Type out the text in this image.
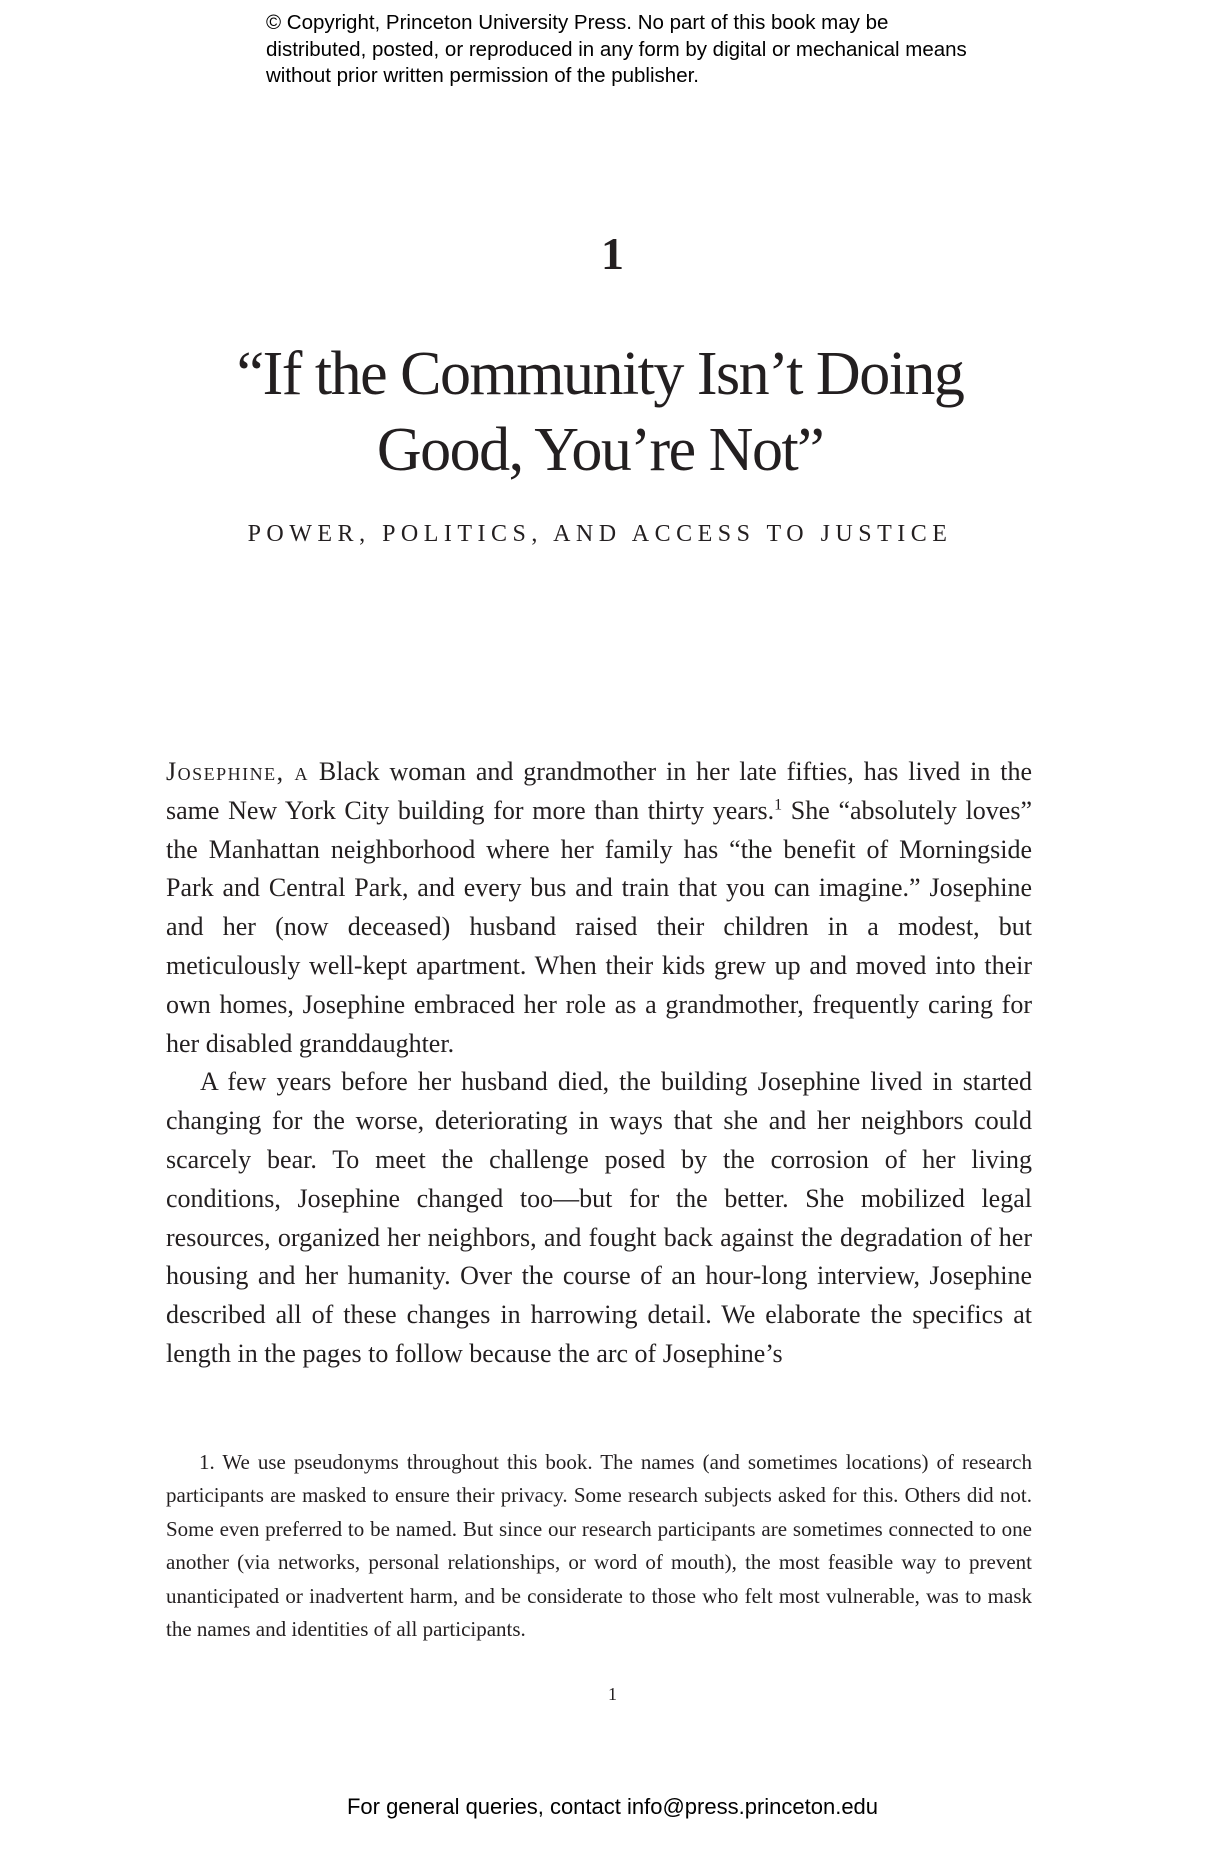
© Copyright, Princeton University Press. No part of this book may be distributed, posted, or reproduced in any form by digital or mechanical means without prior written permission of the publisher.
1
“If the Community Isn’t Doing
Good, You’re Not”
POWER, POLITICS, AND ACCESS TO JUSTICE

Josephine, a Black woman and grandmother in her late fifties, has lived in the same New York City building for more than thirty years.$^1$ She “absolutely loves” the Manhattan neighborhood where her family has “the benefit of Morningside Park and Central Park, and every bus and train that you can imagine.” Josephine and her (now deceased) husband raised their children in a modest, but meticulously well-kept apartment. When their kids grew up and moved into their own homes, Josephine embraced her role as a grandmother, frequently caring for her disabled granddaughter.

A few years before her husband died, the building Josephine lived in started changing for the worse, deteriorating in ways that she and her neighbors could scarcely bear. To meet the challenge posed by the corrosion of her living conditions, Josephine changed too—but for the better. She mobilized legal resources, organized her neighbors, and fought back against the degradation of her housing and her humanity. Over the course of an hour-long interview, Josephine described all of these changes in harrowing detail. We elaborate the specifics at length in the pages to follow because the arc of Josephine’s

1. We use pseudonyms throughout this book. The names (and sometimes locations) of research participants are masked to ensure their privacy. Some research subjects asked for this. Others did not. Some even preferred to be named. But since our research participants are sometimes connected to one another (via networks, personal relationships, or word of mouth), the most feasible way to prevent unanticipated or inadvertent harm, and be considerate to those who felt most vulnerable, was to mask the names and identities of all participants.

1
For general queries, contact info@press.princeton.edu
